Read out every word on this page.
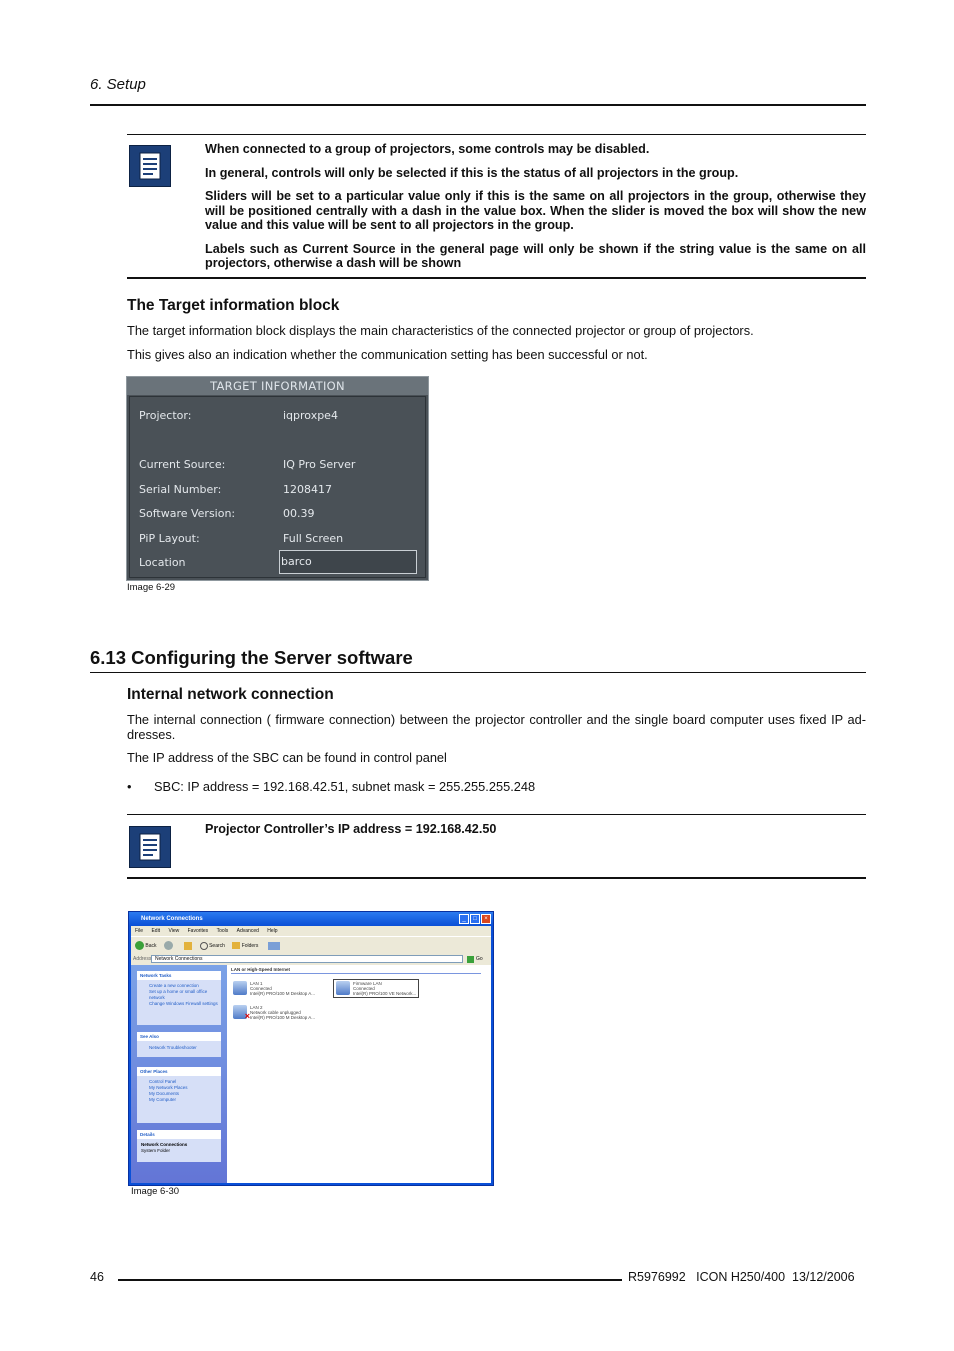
6. Setup

When connected to a group of projectors, some controls may be disabled.

In general, controls will only be selected if this is the status of all projectors in the group.

Sliders will be set to a particular value only if this is the same on all projectors in the group, otherwise they will be positioned centrally with a dash in the value box. When the slider is moved the box will show the new value and this value will be sent to all projectors in the group.

Labels such as Current Source in the general page will only be shown if the string value is the same on all projectors, otherwise a dash will be shown

The Target information block
The target information block displays the main characteristics of the connected projector or group of projectors.
This gives also an indication whether the communication setting has been successful or not.
TARGET INFORMATION
Projector:	iqproxpe4
Current Source:	IQ Pro Server
Serial Number:	1208417
Software Version:	00.39
PiP Layout:	Full Screen
Location	barco
Image 6-29
6.13 Configuring the Server software
Internal network connection
The internal connection ( firmware connection) between the projector controller and the single board computer uses fixed IP ad-dresses.
The IP address of the SBC can be found in control panel
• SBC: IP address = 192.168.42.51, subnet mask = 255.255.255.248
Projector Controller’s IP address = 192.168.42.50
Network Connections	_	□	×
File Edit View Favorites Tools Advanced Help
Back	Search	Folders
Address Network Connections	Go
Network Tasks
Create a new connection
Set up a home or small office network
Change Windows Firewall settings
See Also
Network Troubleshooter
Other Places
Control Panel
My Network Places
My Documents
My Computer
Details
Network Connections
System Folder
LAN or High-Speed Internet
LAN 1
Connected
Intel(R) PRO/100 M Desktop A...
Firmware LAN
Connected
Intel(R) PRO/100 VE Network...
×
LAN 2
Network cable unplugged
Intel(R) PRO/100 M Desktop A...
Image 6-30
46	R5976992   ICON H250/400  13/12/2006
